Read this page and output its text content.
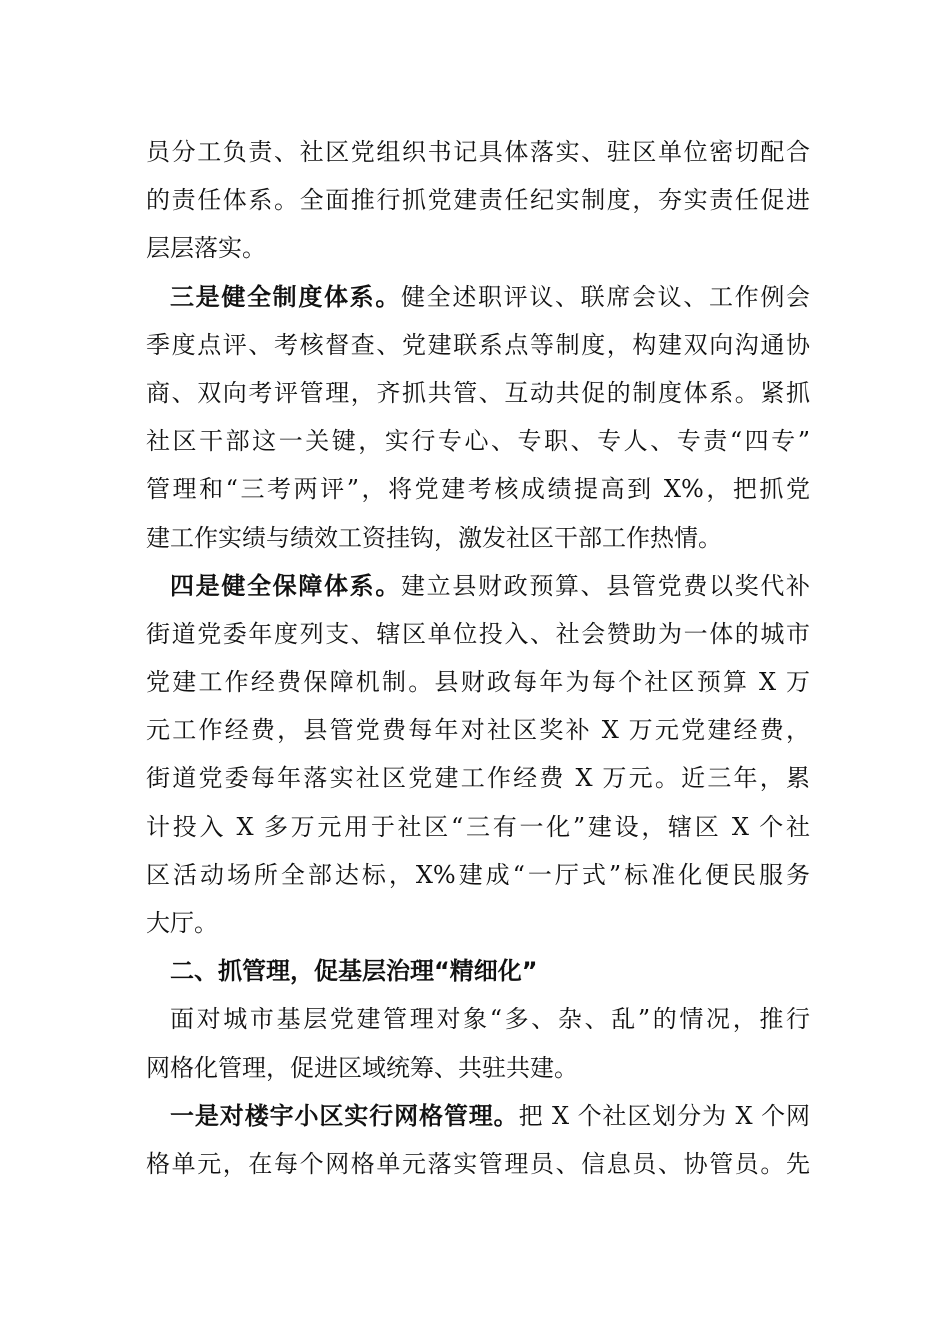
员分工负责、社区党组织书记具体落实、驻区单位密切配合
的责任体系。全面推行抓党建责任纪实制度，夯实责任促进
层层落实。
三是健全制度体系。健全述职评议、联席会议、工作例会
季度点评、考核督查、党建联系点等制度，构建双向沟通协
商、双向考评管理，齐抓共管、互动共促的制度体系。紧抓
社区干部这一关键，实行专心、专职、专人、专责“四专”
管理和“三考两评”，将党建考核成绩提高到 X%，把抓党
建工作实绩与绩效工资挂钩，激发社区干部工作热情。
四是健全保障体系。建立县财政预算、县管党费以奖代补
街道党委年度列支、辖区单位投入、社会赞助为一体的城市
党建工作经费保障机制。县财政每年为每个社区预算 X 万
元工作经费，县管党费每年对社区奖补 X 万元党建经费，
街道党委每年落实社区党建工作经费 X 万元。近三年，累
计投入 X 多万元用于社区“三有一化”建设，辖区 X 个社
区活动场所全部达标，X%建成“一厅式”标准化便民服务
大厅。
二、抓管理，促基层治理“精细化”
面对城市基层党建管理对象“多、杂、乱”的情况，推行
网格化管理，促进区域统筹、共驻共建。
一是对楼宇小区实行网格管理。把 X 个社区划分为 X 个网
格单元，在每个网格单元落实管理员、信息员、协管员。先
